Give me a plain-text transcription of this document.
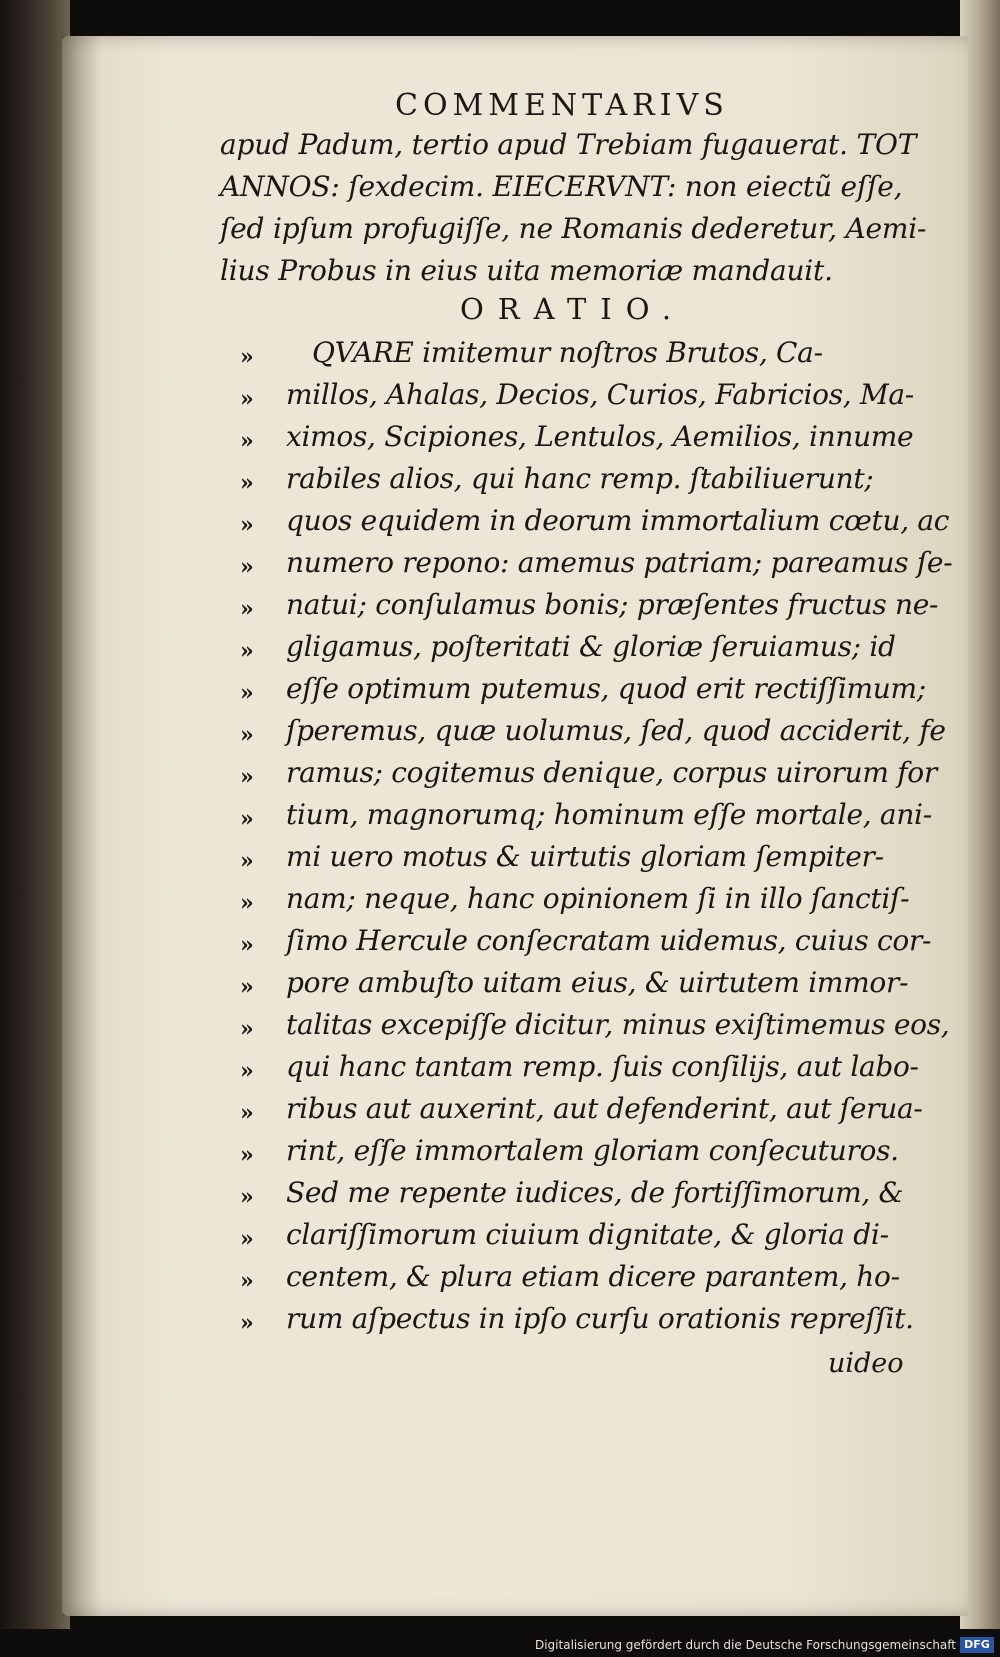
COMMENTARIVS
apud Padum, tertio apud Trebiam fugauerat. TOT
ANNOS: ſexdecim. EIECERVNT: non eiectũ eſſe,
ſed ipſum profugiſſe, ne Romanis dederetur, Aemi-
lius Probus in eius uita memoriæ mandauit.
ORATIO.
» QVARE imitemur noſtros Brutos, Ca-
» millos, Ahalas, Decios, Curios, Fabricios, Ma-
» ximos, Scipiones, Lentulos, Aemilios, innume
» rabiles alios, qui hanc remp. ſtabiliuerunt;
» quos equidem in deorum immortalium cœtu, ac
» numero repono: amemus patriam; pareamus ſe-
» natui; conſulamus bonis; præſentes fructus ne-
» gligamus, poſteritati & gloriæ ſeruiamus; id
» eſſe optimum putemus, quod erit rectiſſimum;
» ſperemus, quæ uolumus, ſed, quod acciderit, fe
» ramus; cogitemus denique, corpus uirorum for
» tium, magnorumq; hominum eſſe mortale, ani-
» mi uero motus & uirtutis gloriam ſempiter-
» nam; neque, hanc opinionem ſi in illo ſanctiſ-
» ſimo Hercule conſecratam uidemus, cuius cor-
» pore ambuſto uitam eius, & uirtutem immor-
» talitas excepiſſe dicitur, minus exiſtimemus eos,
» qui hanc tantam remp. ſuis conſilijs, aut labo-
» ribus aut auxerint, aut defenderint, aut ſerua-
» rint, eſſe immortalem gloriam conſecuturos.
» Sed me repente iudices, de fortiſſimorum, &
» clariſſimorum ciuium dignitate, & gloria di-
» centem, & plura etiam dicere parantem, ho-
» rum aſpectus in ipſo curſu orationis repreſſit.
uideo
Digitalisierung gefördert durch die Deutsche Forschungsgemeinschaft DFG
